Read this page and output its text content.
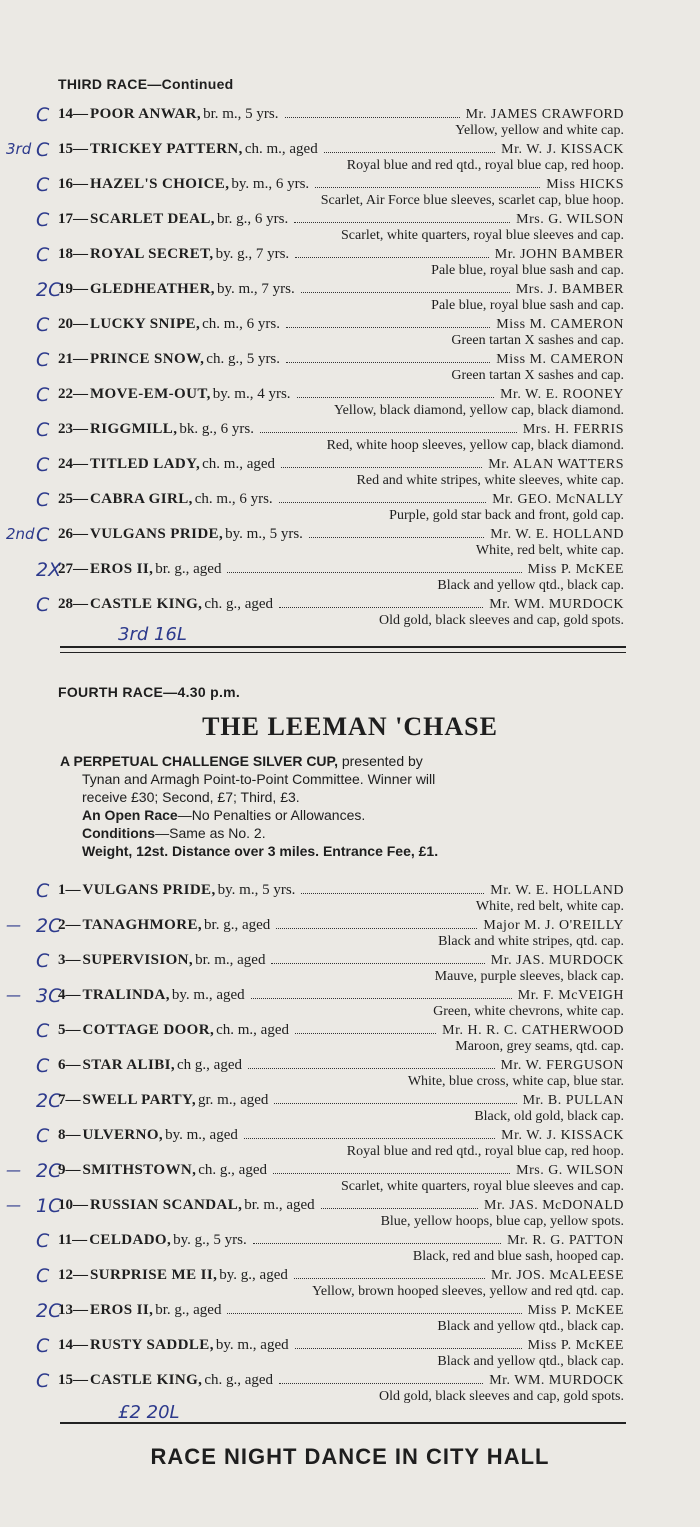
THIRD RACE—Continued
C 14— POOR ANWAR, br. m., 5 yrs.	Mr. JAMES CRAWFORD
Yellow, yellow and white cap.
C
3rd 15— TRICKEY PATTERN, ch. m., aged	Mr. W. J. KISSACK
Royal blue and red qtd., royal blue cap, red hoop.
C 16— HAZEL'S CHOICE, by. m., 6 yrs.	Miss HICKS
Scarlet, Air Force blue sleeves, scarlet cap, blue hoop.
C 17— SCARLET DEAL, br. g., 6 yrs.	Mrs. G. WILSON
Scarlet, white quarters, royal blue sleeves and cap.
C 18— ROYAL SECRET, by. g., 7 yrs.	Mr. JOHN BAMBER
Pale blue, royal blue sash and cap.
2C
19— GLEDHEATHER, by. m., 7 yrs.	Mrs. J. BAMBER
Pale blue, royal blue sash and cap.
C 20— LUCKY SNIPE, ch. m., 6 yrs.	Miss M. CAMERON
Green tartan X sashes and cap.
C 21— PRINCE SNOW, ch. g., 5 yrs.	Miss M. CAMERON
Green tartan X sashes and cap.
C 22— MOVE-EM-OUT, by. m., 4 yrs.	Mr. W. E. ROONEY
Yellow, black diamond, yellow cap, black diamond.
C 23— RIGGMILL, bk. g., 6 yrs.	Mrs. H. FERRIS
Red, white hoop sleeves, yellow cap, black diamond.
C 24— TITLED LADY, ch. m., aged	Mr. ALAN WATTERS
Red and white stripes, white sleeves, white cap.
C 25— CABRA GIRL, ch. m., 6 yrs.	Mr. GEO. McNALLY
Purple, gold star back and front, gold cap.
C
2nd 26— VULGANS PRIDE, by. m., 5 yrs.	Mr. W. E. HOLLAND
White, red belt, white cap.
2X
27— EROS II, br. g., aged	Miss P. McKEE
Black and yellow qtd., black cap.
C 28— CASTLE KING, ch. g., aged	Mr. WM. MURDOCK
Old gold, black sleeves and cap, gold spots.
3rd 16L
FOURTH RACE—4.30 p.m.
THE LEEMAN 'CHASE
A PERPETUAL CHALLENGE SILVER CUP, presented by
Tynan and Armagh Point-to-Point Committee. Winner will
receive £30; Second, £7; Third, £3.
An Open Race—No Penalties or Allowances.
Conditions—Same as No. 2.
Weight, 12st. Distance over 3 miles. Entrance Fee, £1.
C 1— VULGANS PRIDE, by. m., 5 yrs.	Mr. W. E. HOLLAND
White, red belt, white cap.
2C
— 2— TANAGHMORE, br. g., aged	Major M. J. O'REILLY
Black and white stripes, qtd. cap.
C 3— SUPERVISION, br. m., aged	Mr. JAS. MURDOCK
Mauve, purple sleeves, black cap.
3C
— 4— TRALINDA, by. m., aged	Mr. F. McVEIGH
Green, white chevrons, white cap.
C 5— COTTAGE DOOR, ch. m., aged	Mr. H. R. C. CATHERWOOD
Maroon, grey seams, qtd. cap.
C 6— STAR ALIBI, ch g., aged	Mr. W. FERGUSON
White, blue cross, white cap, blue star.
2C
7— SWELL PARTY, gr. m., aged	Mr. B. PULLAN
Black, old gold, black cap.
C 8— ULVERNO, by. m., aged	Mr. W. J. KISSACK
Royal blue and red qtd., royal blue cap, red hoop.
2C
— 9— SMITHSTOWN, ch. g., aged	Mrs. G. WILSON
Scarlet, white quarters, royal blue sleeves and cap.
1C
— 10— RUSSIAN SCANDAL, br. m., aged	Mr. JAS. McDONALD
Blue, yellow hoops, blue cap, yellow spots.
C 11— CELDADO, by. g., 5 yrs.	Mr. R. G. PATTON
Black, red and blue sash, hooped cap.
C 12— SURPRISE ME II, by. g., aged	Mr. JOS. McALEESE
Yellow, brown hooped sleeves, yellow and red qtd. cap.
2C
13— EROS II, br. g., aged	Miss P. McKEE
Black and yellow qtd., black cap.
C 14— RUSTY SADDLE, by. m., aged	Miss P. McKEE
Black and yellow qtd., black cap.
C 15— CASTLE KING, ch. g., aged	Mr. WM. MURDOCK
Old gold, black sleeves and cap, gold spots.
£2 20L
RACE NIGHT DANCE IN CITY HALL
